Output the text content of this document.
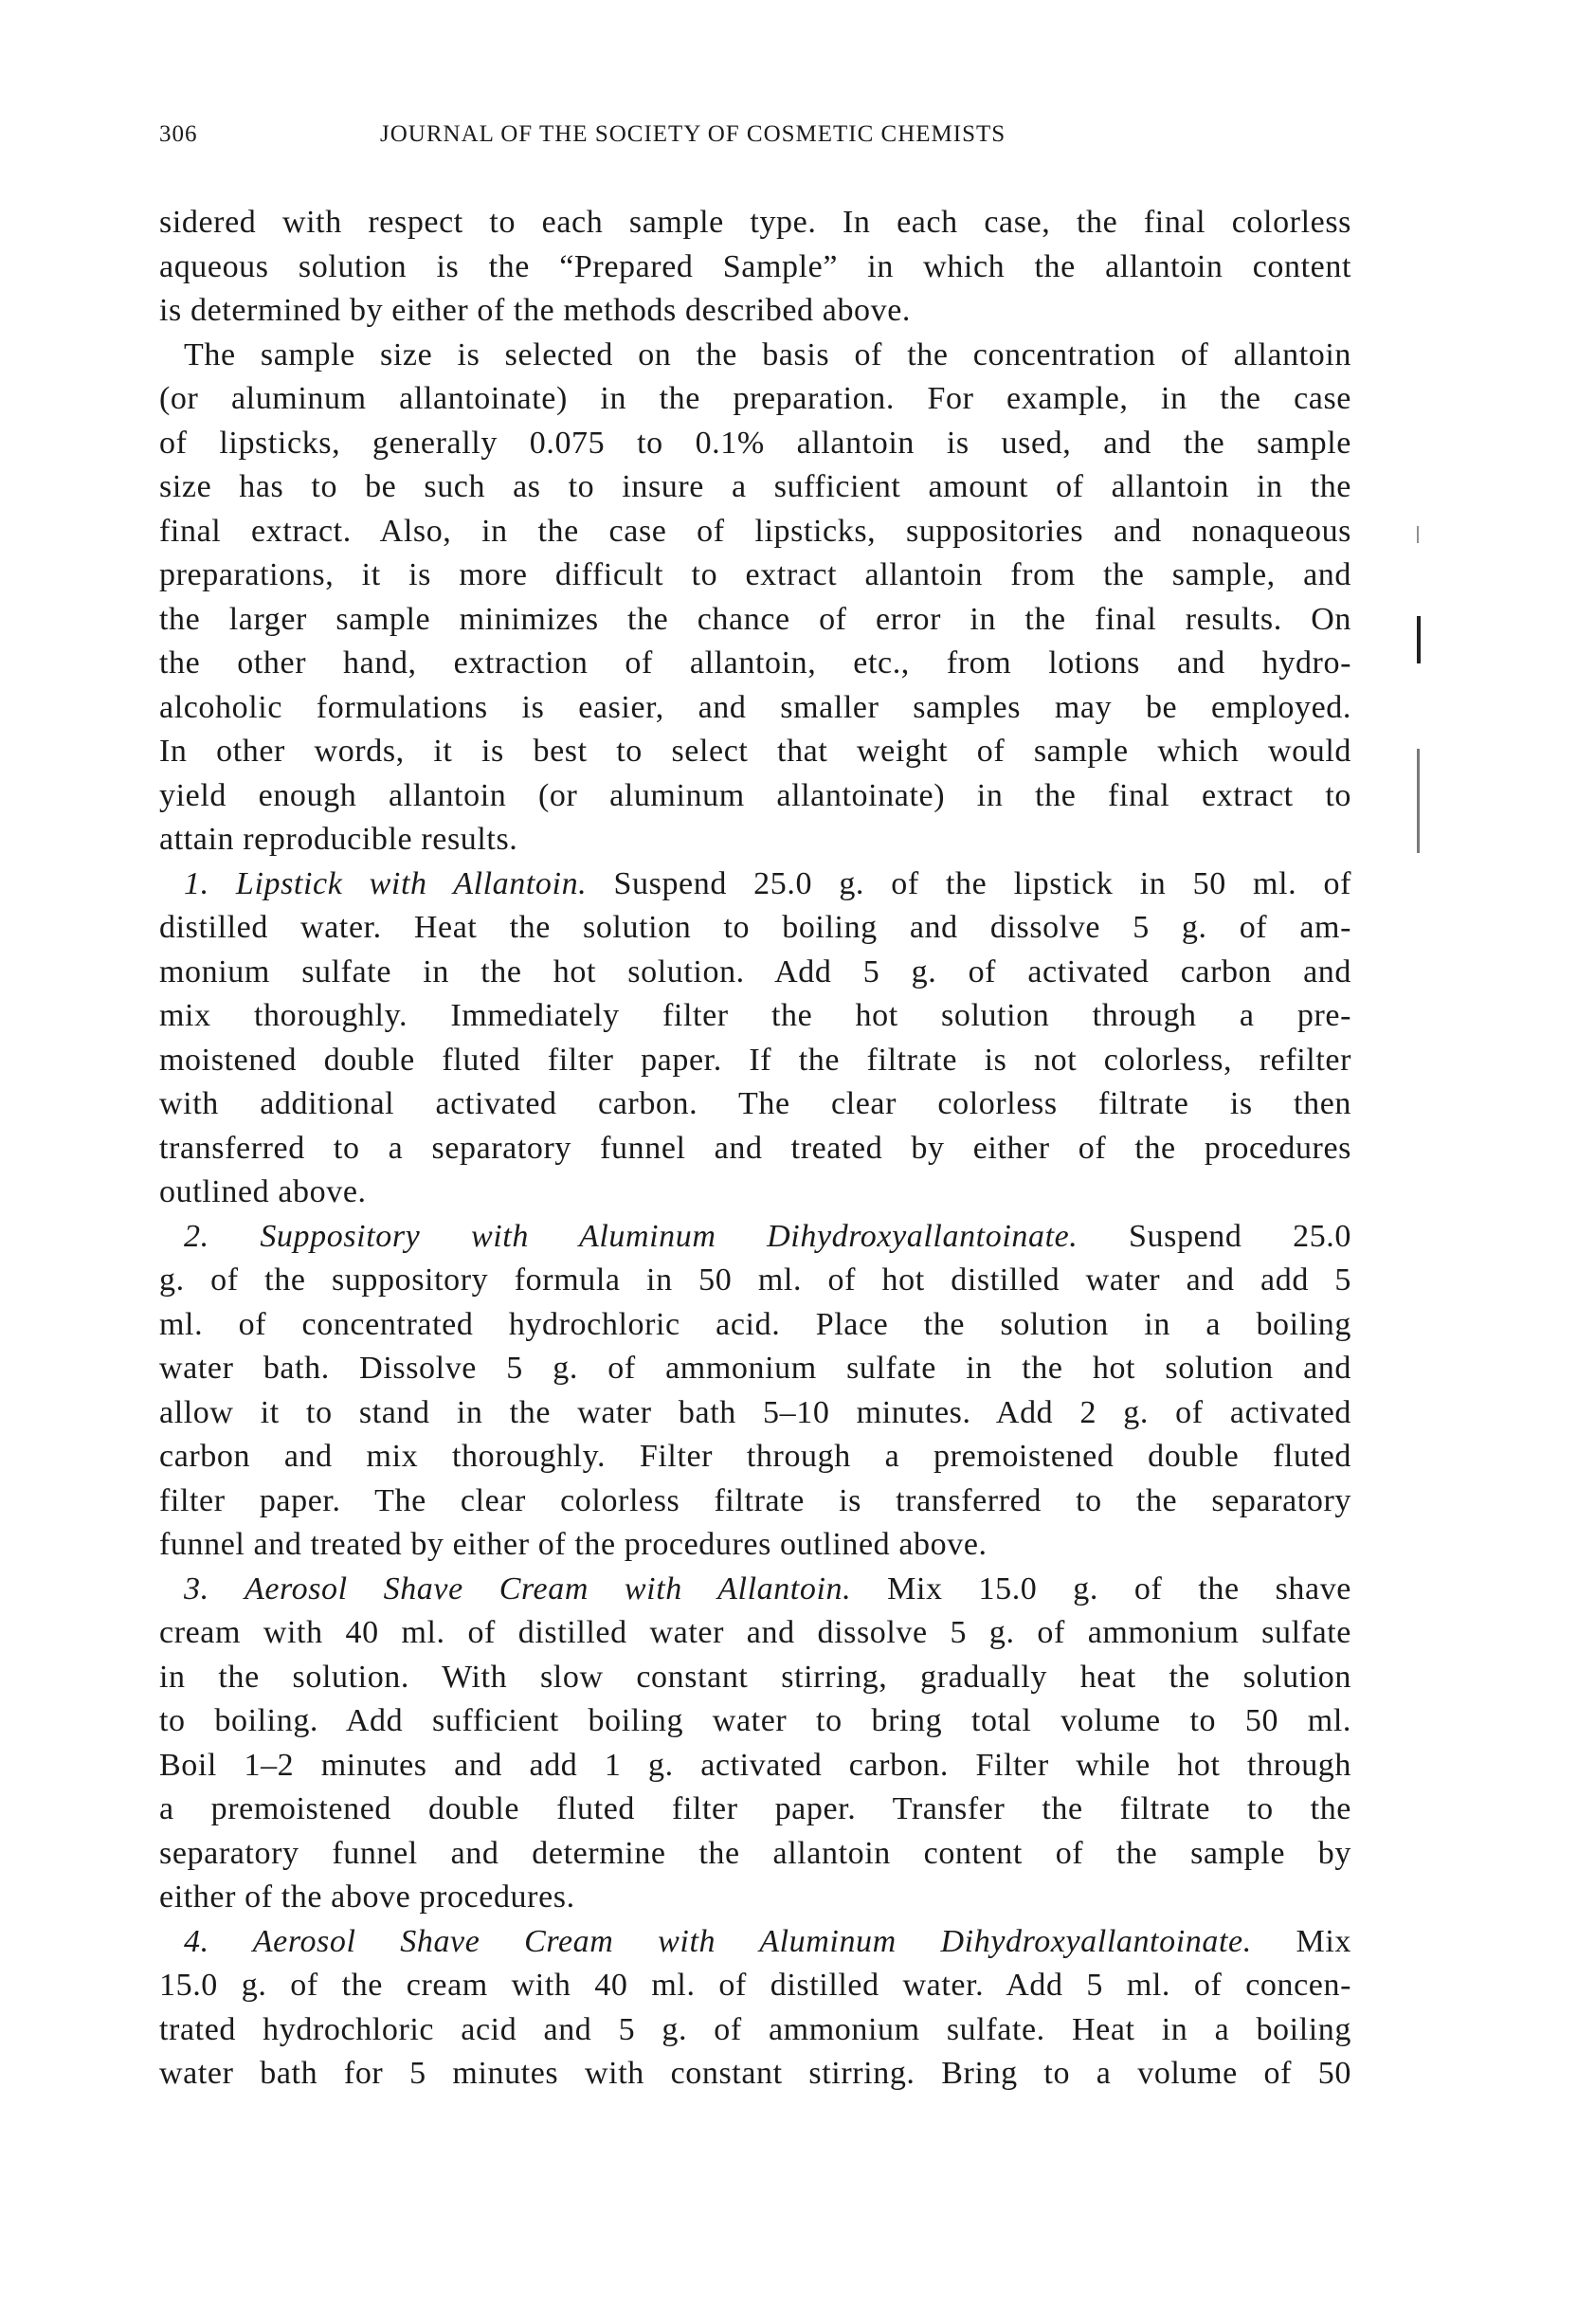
306	JOURNAL OF THE SOCIETY OF COSMETIC CHEMISTS
sidered with respect to each sample type. In each case, the final colorless
aqueous solution is the “Prepared Sample” in which the allantoin content
is determined by either of the methods described above.
The sample size is selected on the basis of the concentration of allantoin
(or aluminum allantoinate) in the preparation. For example, in the case
of lipsticks, generally 0.075 to 0.1% allantoin is used, and the sample
size has to be such as to insure a sufficient amount of allantoin in the
final extract. Also, in the case of lipsticks, suppositories and nonaqueous
preparations, it is more difficult to extract allantoin from the sample, and
the larger sample minimizes the chance of error in the final results. On
the other hand, extraction of allantoin, etc., from lotions and hydro-
alcoholic formulations is easier, and smaller samples may be employed.
In other words, it is best to select that weight of sample which would
yield enough allantoin (or aluminum allantoinate) in the final extract to
attain reproducible results.
1. Lipstick with Allantoin. Suspend 25.0 g. of the lipstick in 50 ml. of
distilled water. Heat the solution to boiling and dissolve 5 g. of am-
monium sulfate in the hot solution. Add 5 g. of activated carbon and
mix thoroughly. Immediately filter the hot solution through a pre-
moistened double fluted filter paper. If the filtrate is not colorless, refilter
with additional activated carbon. The clear colorless filtrate is then
transferred to a separatory funnel and treated by either of the procedures
outlined above.
2. Suppository with Aluminum Dihydroxyallantoinate. Suspend 25.0
g. of the suppository formula in 50 ml. of hot distilled water and add 5
ml. of concentrated hydrochloric acid. Place the solution in a boiling
water bath. Dissolve 5 g. of ammonium sulfate in the hot solution and
allow it to stand in the water bath 5–10 minutes. Add 2 g. of activated
carbon and mix thoroughly. Filter through a premoistened double fluted
filter paper. The clear colorless filtrate is transferred to the separatory
funnel and treated by either of the procedures outlined above.
3. Aerosol Shave Cream with Allantoin. Mix 15.0 g. of the shave
cream with 40 ml. of distilled water and dissolve 5 g. of ammonium sulfate
in the solution. With slow constant stirring, gradually heat the solution
to boiling. Add sufficient boiling water to bring total volume to 50 ml.
Boil 1–2 minutes and add 1 g. activated carbon. Filter while hot through
a premoistened double fluted filter paper. Transfer the filtrate to the
separatory funnel and determine the allantoin content of the sample by
either of the above procedures.
4. Aerosol Shave Cream with Aluminum Dihydroxyallantoinate. Mix
15.0 g. of the cream with 40 ml. of distilled water. Add 5 ml. of concen-
trated hydrochloric acid and 5 g. of ammonium sulfate. Heat in a boiling
water bath for 5 minutes with constant stirring. Bring to a volume of 50
